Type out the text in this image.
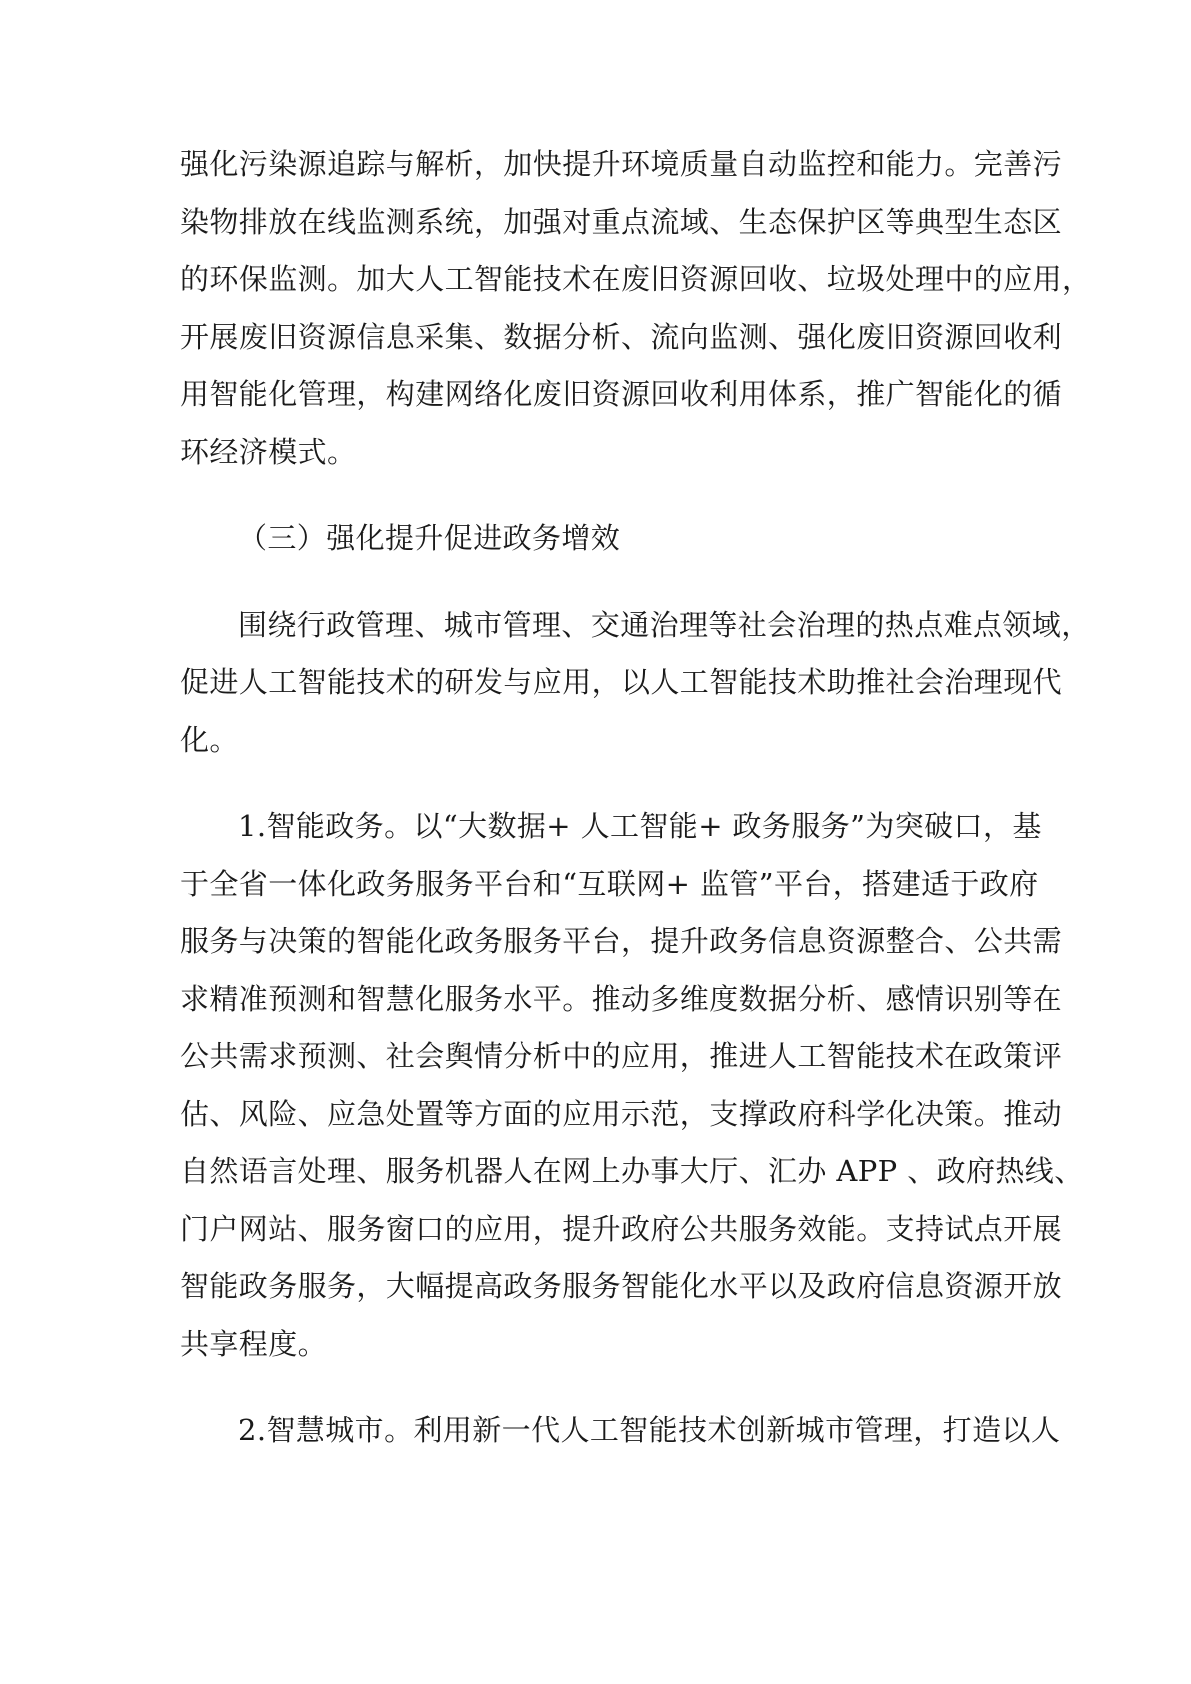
强化污染源追踪与解析，加快提升环境质量自动监控和能力。完善污
染物排放在线监测系统，加强对重点流域、生态保护区等典型生态区
的环保监测。加大人工智能技术在废旧资源回收、垃圾处理中的应用，
开展废旧资源信息采集、数据分析、流向监测、强化废旧资源回收利
用智能化管理，构建网络化废旧资源回收利用体系，推广智能化的循
环经济模式。
（三）强化提升促进政务增效
围绕行政管理、城市管理、交通治理等社会治理的热点难点领域，
促进人工智能技术的研发与应用，以人工智能技术助推社会治理现代
化。
1.智能政务。以“大数据+ 人工智能+ 政务服务”为突破口，基
于全省一体化政务服务平台和“互联网+ 监管”平台，搭建适于政府
服务与决策的智能化政务服务平台，提升政务信息资源整合、公共需
求精准预测和智慧化服务水平。推动多维度数据分析、感情识别等在
公共需求预测、社会舆情分析中的应用，推进人工智能技术在政策评
估、风险、应急处置等方面的应用示范，支撑政府科学化决策。推动
自然语言处理、服务机器人在网上办事大厅、汇办 APP 、政府热线、
门户网站、服务窗口的应用，提升政府公共服务效能。支持试点开展
智能政务服务，大幅提高政务服务智能化水平以及政府信息资源开放
共享程度。
2.智慧城市。利用新一代人工智能技术创新城市管理，打造以人
